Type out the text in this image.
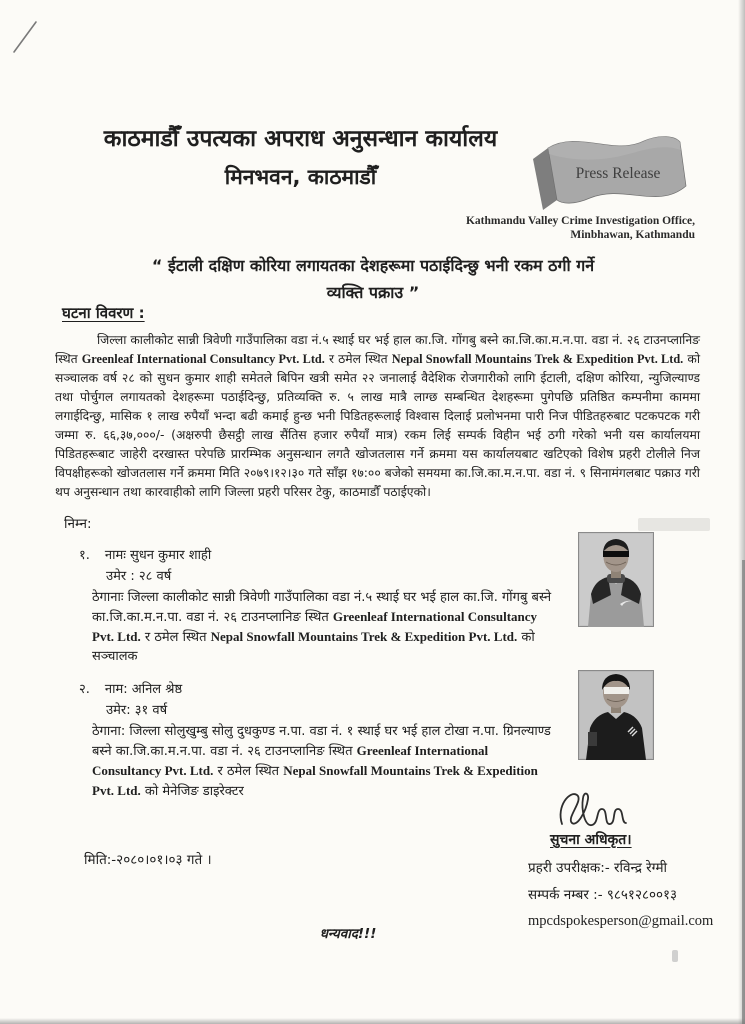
काठमाडौँ उपत्यका अपराध अनुसन्धान कार्यालय
मिनभवन, काठमाडौँ	Press Release
Kathmandu Valley Crime Investigation Office,
Minbhawan, Kathmandu
“ ईटाली दक्षिण कोरिया लगायतका देशहरूमा पठाईदिन्छु भनी रकम ठगी गर्ने
व्यक्ति पक्राउ ”
घटना विवरण :

जिल्ला कालीकोट सान्नी त्रिवेणी गाउँपालिका वडा नं.५ स्थाई घर भई हाल का.जि. गोंगबु बस्ने का.जि.का.म.न.पा. वडा नं. २६ टाउनप्लानिङ स्थित Greenleaf International Consultancy Pvt. Ltd. र ठमेल स्थित Nepal Snowfall Mountains Trek & Expedition Pvt. Ltd. को सञ्चालक वर्ष २८ को सुधन कुमार शाही समेतले बिपिन खत्री समेत २२ जनालाई वैदेशिक रोजगारीको लागि ईटाली, दक्षिण कोरिया, न्युजिल्याण्ड तथा पोर्चुगल लगायतको देशहरूमा पठाईदिन्छु, प्रतिव्यक्ति रु. ५ लाख मात्रै लाग्छ सम्बन्धित देशहरूमा पुगेपछि प्रतिष्ठित कम्पनीमा काममा लगाईदिन्छु, मासिक १ लाख रुपैयाँ भन्दा बढी कमाई हुन्छ भनी पिडितहरूलाई विश्वास दिलाई प्रलोभनमा पारी निज पीडितहरुबाट पटकपटक गरी जम्मा रु. ६६,३७,०००/- (अक्षरुपी छैसट्ठी लाख सैंतिस हजार रुपैयाँ मात्र) रकम लिई सम्पर्क विहीन भई ठगी गरेको भनी यस कार्यालयमा पिडितहरूबाट जाहेरी दरखास्त परेपछि प्रारम्भिक अनुसन्धान लगतै खोजतलास गर्ने क्रममा यस कार्यालयबाट खटिएको विशेष प्रहरी टोलीले निज विपक्षीहरूको खोजतलास गर्ने क्रममा मिति २०७९।१२।३० गते साँझ १७:०० बजेको समयमा का.जि.का.म.न.पा. वडा नं. ९ सिनामंगलबाट पक्राउ गरी थप अनुसन्धान तथा कारवाहीको लागि जिल्ला प्रहरी परिसर टेकु, काठमाडौँ पठाईएको।

निम्न:
१. नामः सुधन कुमार शाही
उमेर : २८ वर्ष
ठेगानाः जिल्ला कालीकोट सान्नी त्रिवेणी गाउँपालिका वडा नं.५ स्थाई घर भई हाल का.जि. गोंगबु बस्ने का.जि.का.म.न.पा. वडा नं. २६ टाउनप्लानिङ स्थित Greenleaf International Consultancy Pvt. Ltd. र ठमेल स्थित Nepal Snowfall Mountains Trek & Expedition Pvt. Ltd. को सञ्चालक
२. नाम: अनिल श्रेष्ठ
उमेर: ३१ वर्ष
ठेगाना: जिल्ला सोलुखुम्बु सोलु दुधकुण्ड न.पा. वडा नं. १ स्थाई घर भई हाल टोखा न.पा. ग्रिनल्याण्ड बस्ने का.जि.का.म.न.पा. वडा नं. २६ टाउनप्लानिङ स्थित Greenleaf International Consultancy Pvt. Ltd. र ठमेल स्थित Nepal Snowfall Mountains Trek & Expedition Pvt. Ltd. को मेनेजिङ डाइरेक्टर
मिति:-२०८०।०१।०३ गते ।
सुचना अधिकृत।
प्रहरी उपरीक्षक:- रविन्द्र रेग्मी
सम्पर्क नम्बर :- ९८५१२८००१३
mpcdspokesperson@gmail.com
धन्यवाद!!!
